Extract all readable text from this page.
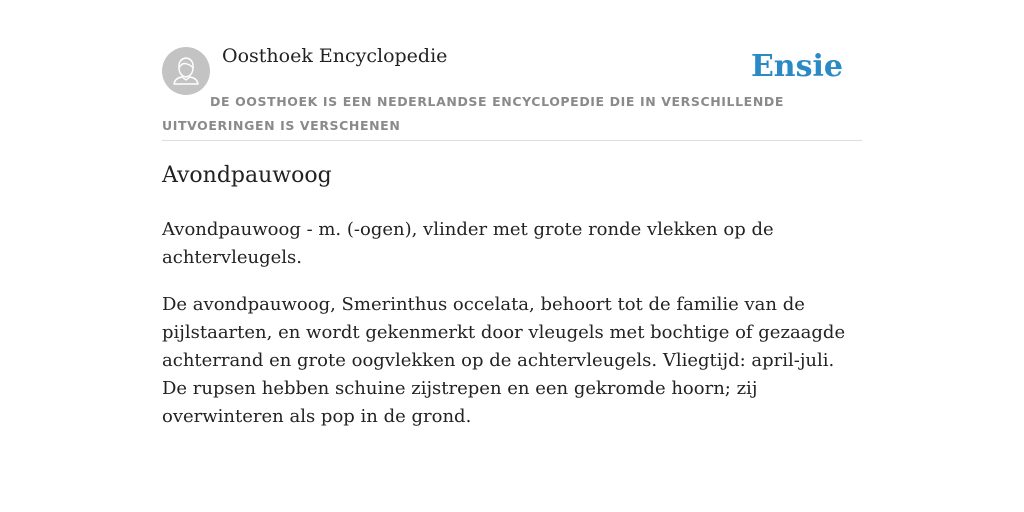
Oosthoek Encyclopedie	Ensie
DE OOSTHOEK IS EEN NEDERLANDSE ENCYCLOPEDIE DIE IN VERSCHILLENDE UITVOERINGEN IS VERSCHENEN
Avondpauwoog

Avondpauwoog - m. (-ogen), vlinder met grote ronde vlekken op de achtervleugels.

De avondpauwoog, Smerinthus occelata, behoort tot de familie van de pijlstaarten, en wordt gekenmerkt door vleugels met bochtige of gezaagde achterrand en grote oogvlekken op de achtervleugels. Vliegtijd: april-juli. De rupsen hebben schuine zijstrepen en een gekromde hoorn; zij overwinteren als pop in de grond.
